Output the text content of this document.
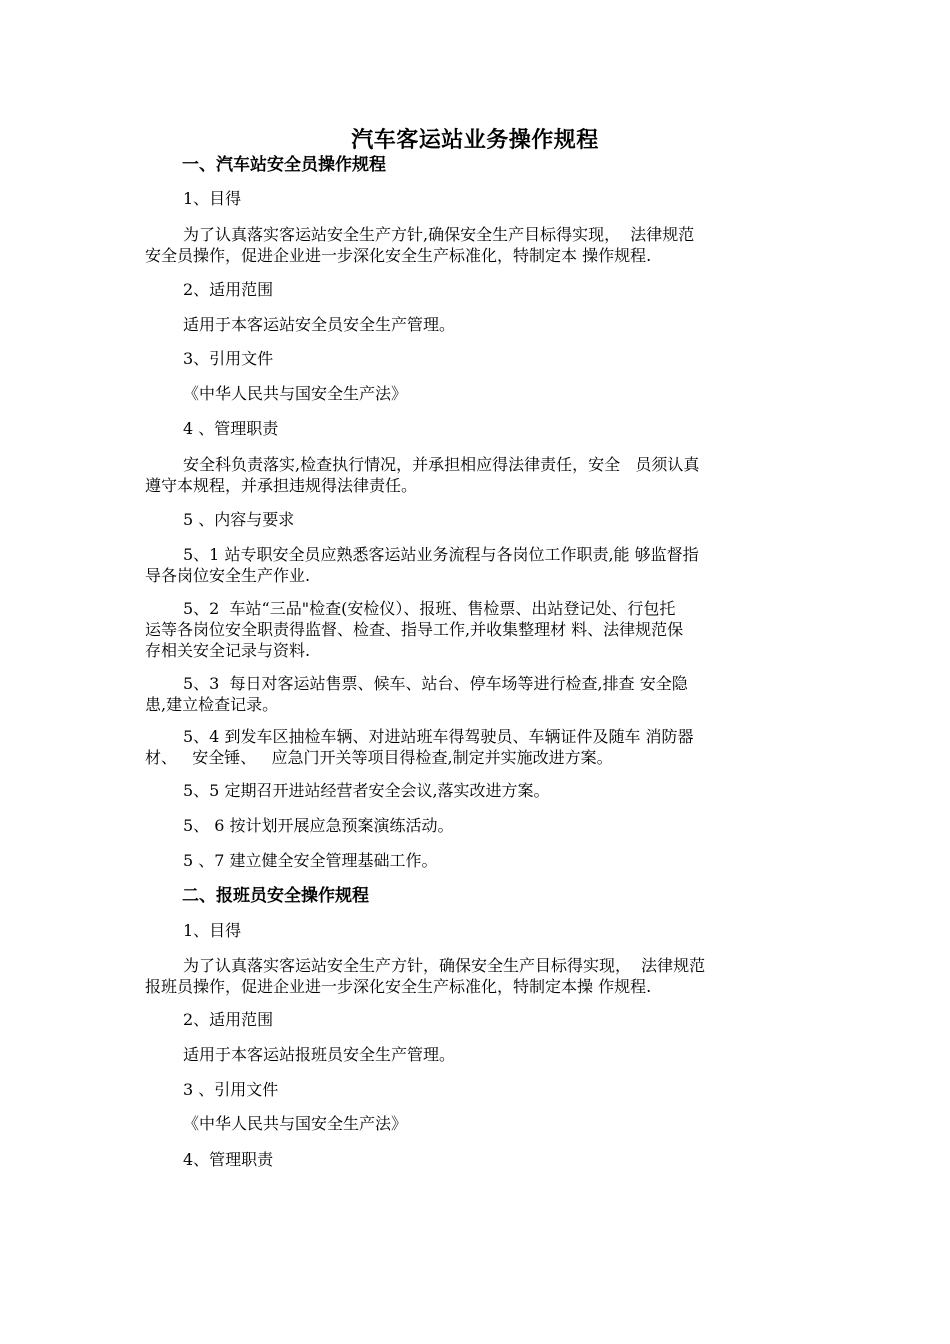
汽车客运站业务操作规程
一、汽车站安全员操作规程
1、目得
为了认真落实客运站安全生产方针,确保安全生产目标得实现，  法律规范
安全员操作，促进企业进一步深化安全生产标准化，特制定本 操作规程.
2、适用范围
适用于本客运站安全员安全生产管理。
3、引用文件
《中华人民共与国安全生产法》
4 、管理职责
安全科负责落实,检查执行情况，并承担相应得法律责任，安全   员须认真
遵守本规程，并承担违规得法律责任。
5 、内容与要求
5、1 站专职安全员应熟悉客运站业务流程与各岗位工作职责,能 够监督指
导各岗位安全生产作业.
5、2  车站“三品"检查(安检仪）、报班、售检票、出站登记处、行包托
运等各岗位安全职责得监督、检查、指导工作,并收集整理材 料、法律规范保
存相关安全记录与资料.
5、3  每日对客运站售票、候车、站台、停车场等进行检查,排查 安全隐
患,建立检查记录。
5、4 到发车区抽检车辆、对进站班车得驾驶员、车辆证件及随车 消防器
材、   安全锤、   应急门开关等项目得检查,制定并实施改进方案。
5、5 定期召开进站经营者安全会议,落实改进方案。
5、 6 按计划开展应急预案演练活动。
5 、7 建立健全安全管理基础工作。
二、报班员安全操作规程
1、目得
为了认真落实客运站安全生产方针，确保安全生产目标得实现，  法律规范
报班员操作，促进企业进一步深化安全生产标准化，特制定本操 作规程.
2、适用范围
适用于本客运站报班员安全生产管理。
3 、引用文件
《中华人民共与国安全生产法》
4、管理职责
